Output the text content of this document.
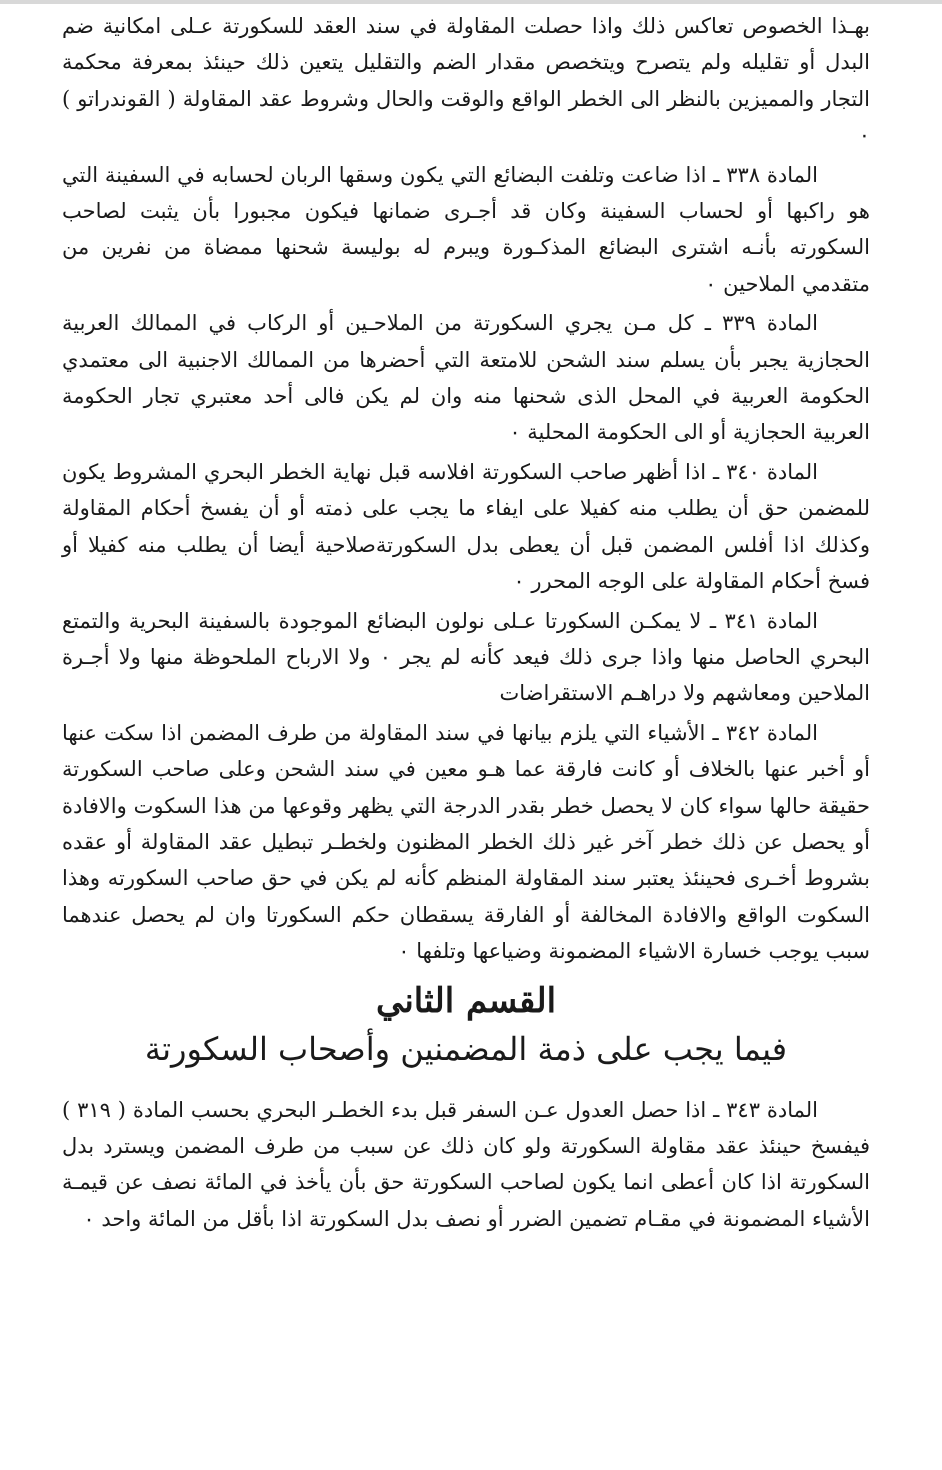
بهـذا الخصوص تعاكس ذلك واذا حصلت المقاولة في سند العقد للسكورتة عـلى امكانية ضم البدل أو تقليله ولم يتصرح ويتخصص مقدار الضم والتقليل يتعين ذلك حينئذ بمعرفة محكمة التجار والمميزين بالنظر الى الخطر الواقع والوقت والحال وشروط عقد المقاولة ( القوندراتو ) ٠

المادة ٣٣٨ ـ اذا ضاعت وتلفت البضائع التي يكون وسقها الربان لحسابه في السفينة التي هو راكبها أو لحساب السفينة وكان قد أجـرى ضمانها فيكون مجبورا بأن يثبت لصاحب السكورته بأنـه اشترى البضائع المذكـورة ويبرم له بوليسة شحنها ممضاة من نفرين من متقدمي الملاحين ٠

المادة ٣٣٩ ـ كل مـن يجري السكورتة من الملاحـين أو الركاب في الممالك العربية الحجازية يجبر بأن يسلم سند الشحن للامتعة التي أحضرها من الممالك الاجنبية الى معتمدي الحكومة العربية في المحل الذى شحنها منه وان لم يكن فالى أحد معتبري تجار الحكومة العربية الحجازية أو الى الحكومة المحلية ٠

المادة ٣٤٠ ـ اذا أظهر صاحب السكورتة افلاسه قبل نهاية الخطر البحري المشروط يكون للمضمن حق أن يطلب منه كفيلا على ايفاء ما يجب على ذمته أو أن يفسخ أحكام المقاولة وكذلك اذا أفلس المضمن قبل أن يعطى بدل السكورتةصلاحية أيضا أن يطلب منه كفيلا أو فسخ أحكام المقاولة على الوجه المحرر ٠

المادة ٣٤١ ـ لا يمكـن السكورتا عـلى نولون البضائع الموجودة بالسفينة البحرية والتمتع البحري الحاصل منها واذا جرى ذلك فيعد كأنه لم يجر ٠ ولا الارباح الملحوظة منها ولا أجـرة الملاحين ومعاشهم ولا دراهـم الاستقراضات

المادة ٣٤٢ ـ الأشياء التي يلزم بيانها في سند المقاولة من طرف المضمن اذا سكت عنها أو أخبر عنها بالخلاف أو كانت فارقة عما هـو معين في سند الشحن وعلى صاحب السكورتة حقيقة حالها سواء كان لا يحصل خطر بقدر الدرجة التي يظهر وقوعها من هذا السكوت والافادة أو يحصل عن ذلك خطر آخر غير ذلك الخطر المظنون ولخطـر تبطيل عقد المقاولة أو عقده بشروط أخـرى فحينئذ يعتبر سند المقاولة المنظم كأنه لم يكن في حق صاحب السكورته وهذا السكوت الواقع والافادة المخالفة أو الفارقة يسقطان حكم السكورتا وان لم يحصل عندهما سبب يوجب خسارة الاشياء المضمونة وضياعها وتلفها ٠

القسم الثاني
فيما يجب على ذمة المضمنين وأصحاب السكورتة

المادة ٣٤٣ ـ اذا حصل العدول عـن السفر قبل بدء الخطـر البحري بحسب المادة ( ٣١٩ ) فيفسخ حينئذ عقد مقاولة السكورتة ولو كان ذلك عن سبب من طرف المضمن ويسترد بدل السكورتة اذا كان أعطى انما يكون لصاحب السكورتة حق بأن يأخذ في المائة نصف عن قيمـة الأشياء المضمونة في مقـام تضمين الضرر أو نصف بدل السكورتة اذا بأقل من المائة واحد ٠
